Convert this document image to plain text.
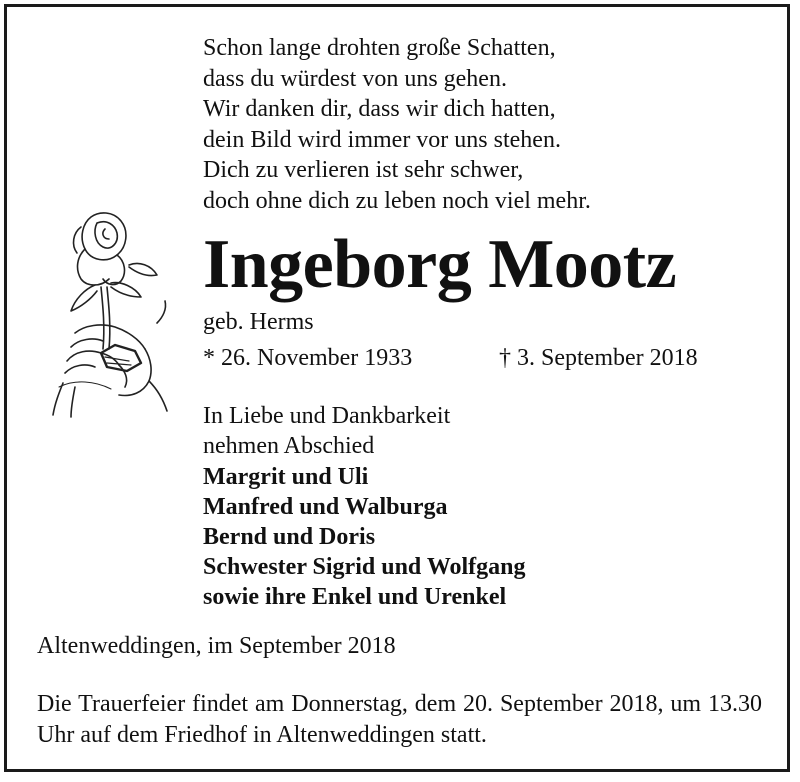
Schon lange drohten große Schatten,
dass du würdest von uns gehen.
Wir danken dir, dass wir dich hatten,
dein Bild wird immer vor uns stehen.
Dich zu verlieren ist sehr schwer,
doch ohne dich zu leben noch viel mehr.
Ingeborg Mootz
geb. Herms
* 26. November 1933	† 3. September 2018
In Liebe und Dankbarkeit
nehmen Abschied
Margrit und Uli
Manfred und Walburga
Bernd und Doris
Schwester Sigrid und Wolfgang
sowie ihre Enkel und Urenkel
Altenweddingen, im September 2018
Die Trauerfeier findet am Donnerstag, dem 20. September 2018, um 13.30 Uhr auf dem Friedhof in Altenweddingen statt.
